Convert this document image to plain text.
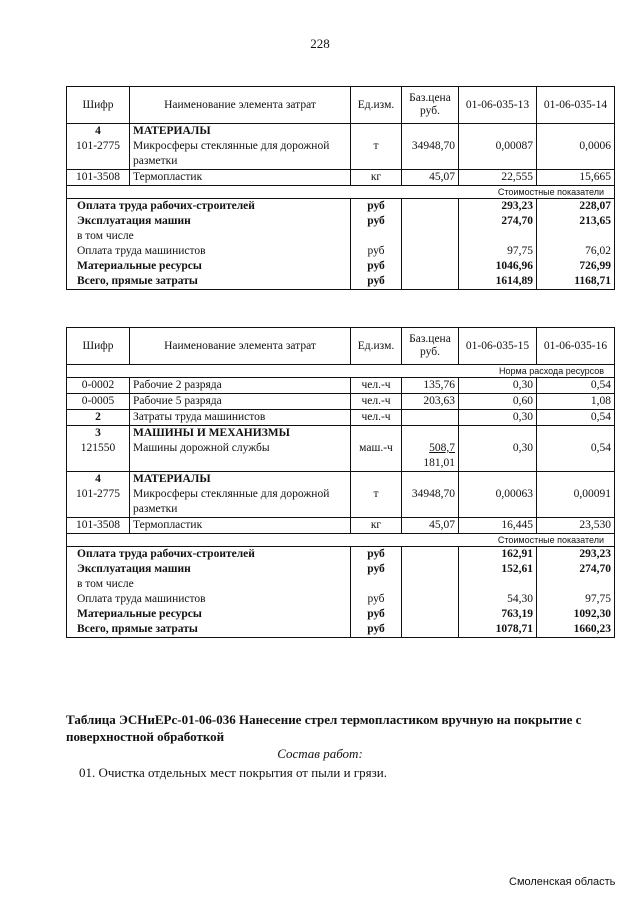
228
Шифр	Наименование элемента затрат	Ед.изм.	Баз.цена руб.	01-06-035-13	01-06-035-14
4	МАТЕРИАЛЫ				
101-2775	Микросферы стеклянные для дорожной разметки	т	34948,70	0,00087	0,0006
101-3508	Термопластик	кг	45,07	22,555	15,665
Стоимостные показатели					
Оплата труда рабочих-строителей		руб		293,23	228,07
Эксплуатация машин		руб		274,70	213,65
в том числе					
Оплата труда машинистов		руб		97,75	76,02
Материальные ресурсы		руб		1046,96	726,99
Всего, прямые затраты		руб		1614,89	1168,71
Шифр	Наименование элемента затрат	Ед.изм.	Баз.цена руб.	01-06-035-15	01-06-035-16
Норма расхода ресурсов					
0-0002	Рабочие 2 разряда	чел.-ч	135,76	0,30	0,54
0-0005	Рабочие 5 разряда	чел.-ч	203,63	0,60	1,08
2	Затраты труда машинистов	чел.-ч		0,30	0,54
3	МАШИНЫ И МЕХАНИЗМЫ				
121550	Машины дорожной службы	маш.-ч	508,7	0,30	0,54
			181,01		
4	МАТЕРИАЛЫ				
101-2775	Микросферы стеклянные для дорожной разметки	т	34948,70	0,00063	0,00091
101-3508	Термопластик	кг	45,07	16,445	23,530
Стоимостные показатели					
Оплата труда рабочих-строителей		руб		162,91	293,23
Эксплуатация машин		руб		152,61	274,70
в том числе					
Оплата труда машинистов		руб		54,30	97,75
Материальные ресурсы		руб		763,19	1092,30
Всего, прямые затраты		руб		1078,71	1660,23
Таблица ЭСНиЕРс-01-06-036 Нанесение стрел термопластиком вручную на покрытие с поверхностной обработкой
Состав работ:
01. Очистка отдельных мест покрытия от пыли и грязи.
Смоленская область
